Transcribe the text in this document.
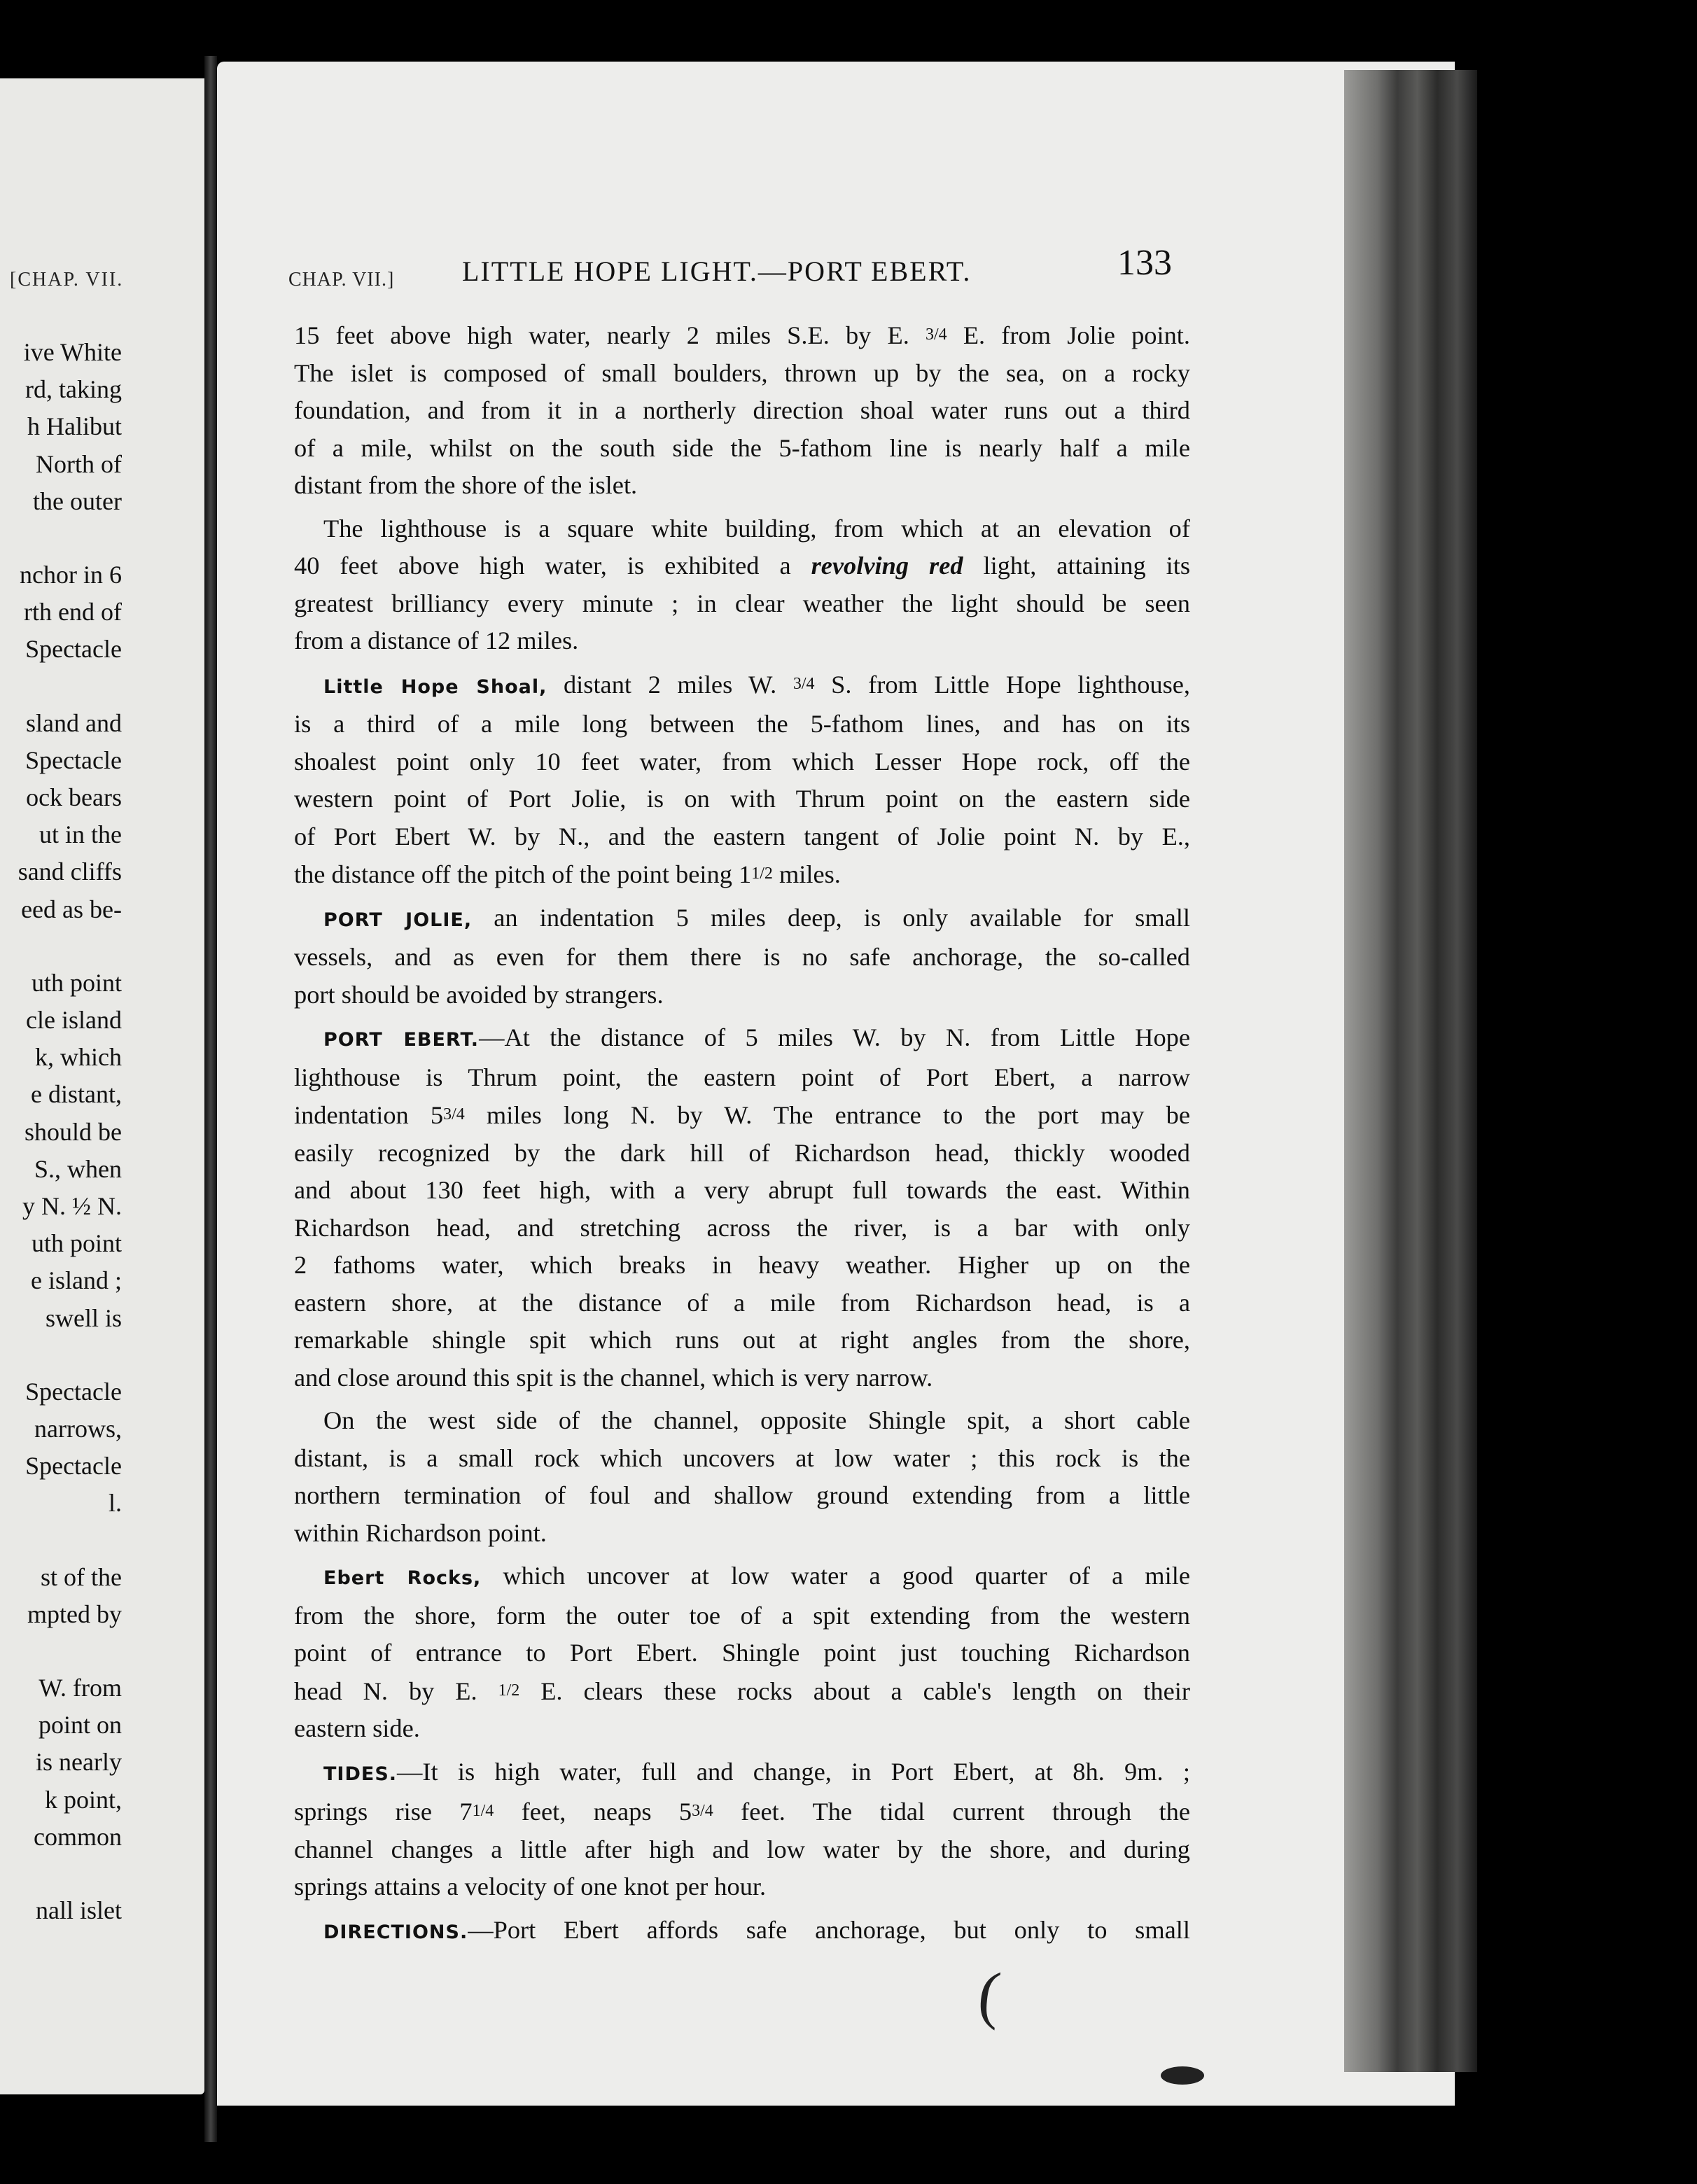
[CHAP. VII.
ive White
rd, taking
h Halibut
North of
the outer
nchor in 6
rth end of
Spectacle
sland and
Spectacle
ock bears
ut in the
sand cliffs
eed as be-
uth point
cle island
k, which
e distant,
should be
S., when
y N. ½ N.
uth point
e island ;
swell is
Spectacle
narrows,
Spectacle
l.
st of the
mpted by
W. from
point on
is nearly
k point,
common
nall islet
CHAP. VII.] LITTLE HOPE LIGHT.—PORT EBERT.	133

15 feet above high water, nearly 2 miles S.E. by E. 3/4 E. from Jolie point.

The islet is composed of small boulders, thrown up by the sea, on a rocky

foundation, and from it in a northerly direction shoal water runs out a third

of a mile, whilst on the south side the 5-fathom line is nearly half a mile

distant from the shore of the islet.

The lighthouse is a square white building, from which at an elevation of

40 feet above high water, is exhibited a revolving red light, attaining its

greatest brilliancy every minute ; in clear weather the light should be seen

from a distance of 12 miles.

Little Hope Shoal, distant 2 miles W. 3/4 S. from Little Hope lighthouse,

is a third of a mile long between the 5-fathom lines, and has on its

shoalest point only 10 feet water, from which Lesser Hope rock, off the

western point of Port Jolie, is on with Thrum point on the eastern side

of Port Ebert W. by N., and the eastern tangent of Jolie point N. by E.,

the distance off the pitch of the point being 11/2 miles.

PORT JOLIE, an indentation 5 miles deep, is only available for small

vessels, and as even for them there is no safe anchorage, the so-called

port should be avoided by strangers.

PORT EBERT.—At the distance of 5 miles W. by N. from Little Hope

lighthouse is Thrum point, the eastern point of Port Ebert, a narrow

indentation 53/4 miles long N. by W. The entrance to the port may be

easily recognized by the dark hill of Richardson head, thickly wooded

and about 130 feet high, with a very abrupt full towards the east. Within

Richardson head, and stretching across the river, is a bar with only

2 fathoms water, which breaks in heavy weather. Higher up on the

eastern shore, at the distance of a mile from Richardson head, is a

remarkable shingle spit which runs out at right angles from the shore,

and close around this spit is the channel, which is very narrow.

On the west side of the channel, opposite Shingle spit, a short cable

distant, is a small rock which uncovers at low water ; this rock is the

northern termination of foul and shallow ground extending from a little

within Richardson point.

Ebert Rocks, which uncover at low water a good quarter of a mile

from the shore, form the outer toe of a spit extending from the western

point of entrance to Port Ebert. Shingle point just touching Richardson

head N. by E. 1/2 E. clears these rocks about a cable's length on their

eastern side.

TIDES.—It is high water, full and change, in Port Ebert, at 8h. 9m. ;

springs rise 71/4 feet, neaps 53/4 feet. The tidal current through the

channel changes a little after high and low water by the shore, and during

springs attains a velocity of one knot per hour.

DIRECTIONS.—Port Ebert affords safe anchorage, but only to small

(
